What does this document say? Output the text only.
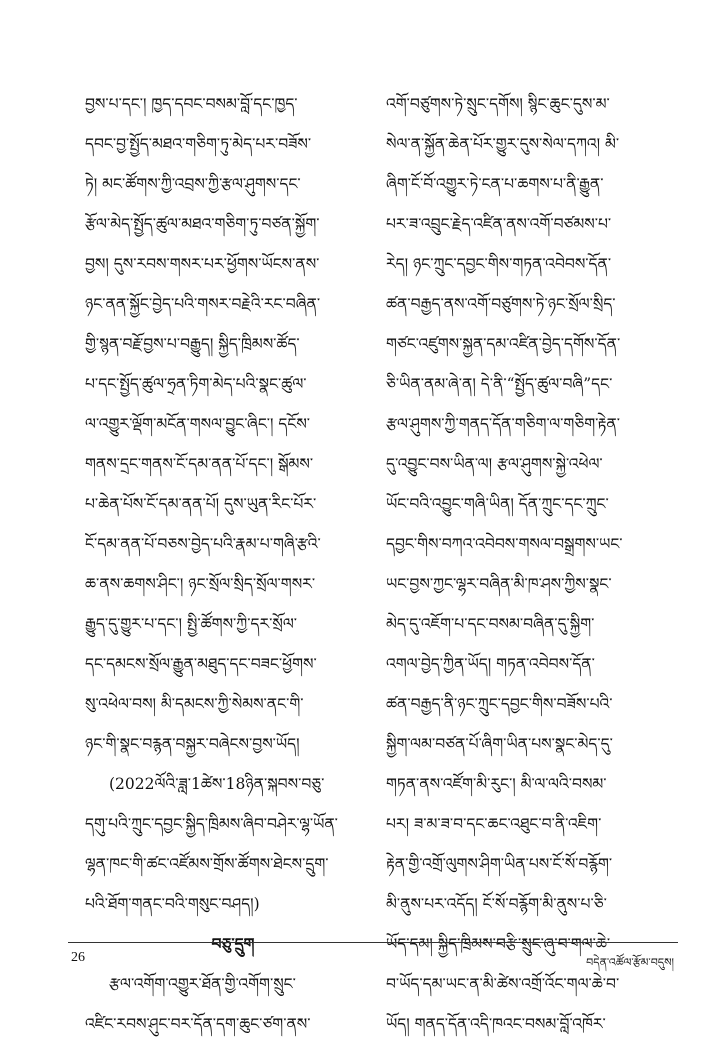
བྱས་པ་དང་། ཁྱད་དབང་བསམ་བློ་དང་ཁྱད་
དབང་བྱ་སྤྱོད་མཐའ་གཅིག་ཏུ་མེད་པར་བཟོས་
ཏེ། མང་ཚོགས་ཀྱི་འབྲས་ཀྱི་རྩལ་ཤུགས་དང་
རྩོལ་མེད་སྤྱོད་ཚུལ་མཐའ་གཅིག་ཏུ་བཙན་སྐྱོག་
བྱས། དུས་རབས་གསར་པར་ཕྱོགས་ཡོངས་ནས་
ཉང་ནན་སྐྱོང་བྱེད་པའི་གསར་བརྗེའི་རང་བཞིན་
གྱི་སྙན་བརྗོ་བྱས་པ་བརྒྱུད། སྐྱིད་ཁྲིམས་ཚོད་
པ་དང་སྤྱོད་ཚུལ་ཧྲན་ཏིག་མེད་པའི་སྣང་ཚུལ་
ལ་འགྱུར་ལྡོག་མངོན་གསལ་བྱུང་ཞིང་། དངོས་
གནས་དྲང་གནས་ངོ་དམ་ནན་པོ་དང་། སྒོམས་
པ་ཆེན་པོས་ངོ་དམ་ནན་པོ། དུས་ཡུན་རིང་པོར་
ངོ་དམ་ནན་པོ་བཅས་བྱེད་པའི་རྣམ་པ་གཞི་རྩའི་
ཆ་ནས་ཆགས་ཤིང་། ཉང་སྲོལ་སྲིད་སྲོལ་གསར་
རྒྱུད་དུ་གྱུར་པ་དང་། སྤྱི་ཚོགས་ཀྱི་དར་སྲོལ་
དང་དམངས་སྲོལ་རྒྱུན་མཐུད་དང་བཟང་ཕྱོགས་
སུ་འཕེལ་བས། མི་དམངས་ཀྱི་སེམས་ནང་གི་
ཉང་གི་སྣང་བརྙན་བསྐྱར་བཞེངས་བྱས་ཡོད།
(2022ལོའི་ཟླ་1ཚེས་18ཉིན་སྐབས་བཅུ་
དགུ་པའི་ཀྲུང་དབྱང་སྐྱིད་ཁྲིམས་ཞིབ་བཤེར་ལྷ་ཡོན་
ལྷན་ཁང་གི་ཚང་འཛོམས་གྲོས་ཚོགས་ཐེངས་དྲུག་
པའི་ཐོག་གནང་བའི་གསུང་བཤད།)
བཅུ་དྲུག
རྩལ་འགོག་འགྱུར་ཐོན་གྱི་འགོག་སྲུང་
འཛིང་རབས་ཤུང་བར་དོན་དག་ཆུང་ཙག་ནས་
འགོ་བཙུགས་ཏེ་སྲུང་དགོས། སྙིང་ཆུང་དུས་མ་
སེལ་ན་སྐྱོན་ཆེན་པོར་གྱུར་དུས་སེལ་དཀའ། མི་
ཞིག་ངོ་བོ་འགྱུར་ཏེ་ངན་པ་ཆགས་པ་ནི་རྒྱུན་
པར་ཟ་འབྲུང་རྗེད་འཛིན་ནས་འགོ་བཙམས་པ་
རེད། ཉང་ཀྲུང་དབྱང་གིས་གཏན་འབེབས་དོན་
ཚན་བརྒྱད་ནས་འགོ་བཙུགས་ཏེ་ཉང་སྲོལ་སྲིད་
གཙང་འཛུགས་སྐྱན་དམ་འཛིན་བྱེད་དགོས་དོན་
ཅི་ཡིན་ནམ་ཞེ་ན། དེ་ནི་“སྤྱོད་ཚུལ་བཞི”དང་
རྩལ་ཤུགས་ཀྱི་གནད་དོན་གཅིག་ལ་གཅིག་རྟེན་
དུ་འབྱུང་བས་ཡིན་ལ། རྩལ་ཤུགས་སྐྱེ་འཕེལ་
ཡོང་བའི་འབྱུང་གཞི་ཡིན། དོན་ཀྲུང་དང་ཀྲུང་
དབྱང་གིས་བཀའ་འབེབས་གསལ་བསྒྲགས་ཡང་
ཡང་བྱས་ཀྱང་ལྷར་བཞིན་མི་ཁ་ཤས་ཀྱིས་སྣང་
མེད་དུ་འཇོག་པ་དང་བསམ་བཞིན་དུ་སྐྱིག་
འགལ་བྱེད་ཀྱིན་ཡོད། གཏན་འབེབས་དོན་
ཚན་བརྒྱད་ནི་ཉང་ཀྲུང་དབྱང་གིས་བཟོས་པའི་
སྐྱིག་ལམ་བཙན་པོ་ཞིག་ཡིན་པས་སྣང་མེད་དུ་
གཏན་ནས་འཛོག་མི་རུང་། མི་ལ་ལའི་བསམ་
པར། ཟ་མ་ཟ་བ་དང་ཆང་འཐུང་བ་ནི་འཇིག་
རྟེན་གྱི་འགྲོ་ལུགས་ཤིག་ཡིན་པས་ངོ་སོ་བརྙོག་
མི་ནུས་པར་འདོད། ངོ་སོ་བརྙོག་མི་ནུས་པ་ཅི་
ཡོད་དམ། སྐྱིད་ཁྲིམས་བརྩི་སྲུང་ཞུ་བ་གལ་ཆེ་
བ་ཡོད་དམ་ཡང་ན་མི་ཚེས་འགྲོ་འོང་གལ་ཆེ་བ་
ཡོད། གནད་དོན་འདི་ཁའང་བསམ་བློ་འཁོར་
26	བདེན་འཚོལ་རྩོམ་བདུས།
